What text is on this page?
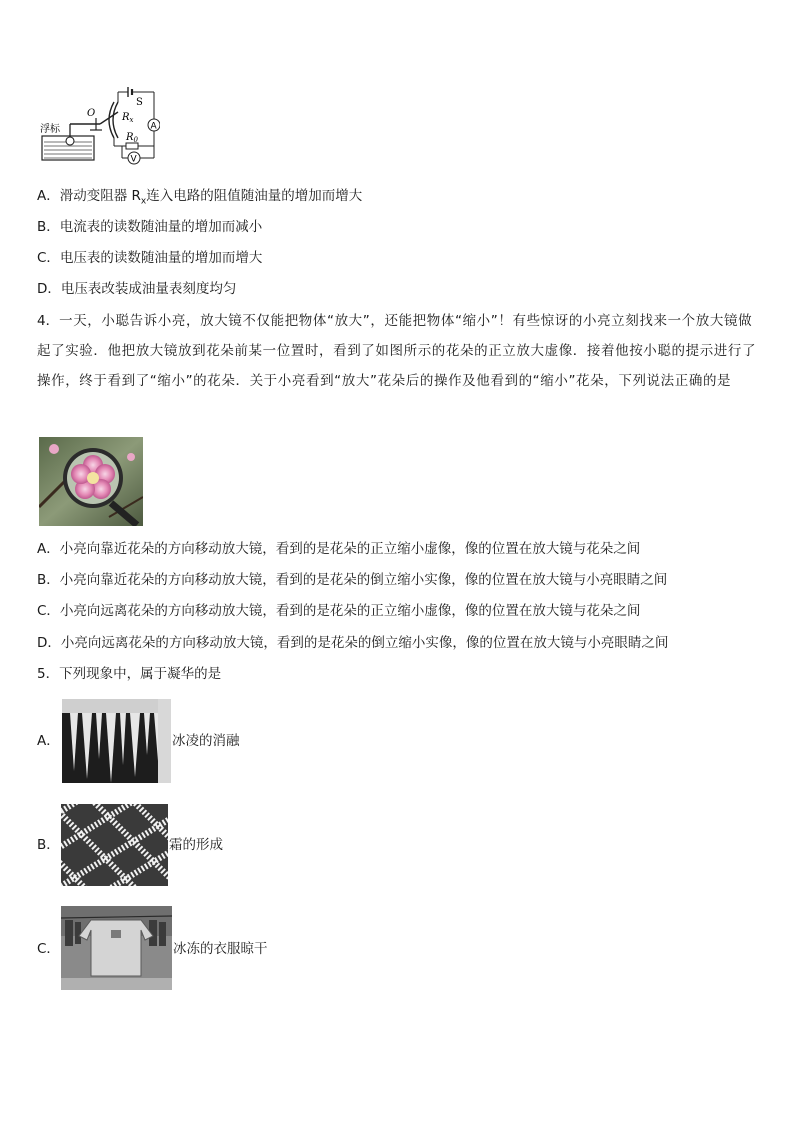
O
浮标
S
A
$R_x$
$R_0$
V
A．滑动变阻器 $R_x$连入电路的阻值随油量的增加而增大
B．电流表的读数随油量的增加而减小
C．电压表的读数随油量的增加而增大
D．电压表改装成油量表刻度均匀
4．一天，小聪告诉小亮，放大镜不仅能把物体“放大”，还能把物体“缩小”！有些惊讶的小亮立刻找来一个放大镜做起了实验．他把放大镜放到花朵前某一位置时，看到了如图所示的花朵的正立放大虚像．接着他按小聪的提示进行了操作，终于看到了“缩小”的花朵．关于小亮看到“放大”花朵后的操作及他看到的“缩小”花朵，下列说法正确的是
A．小亮向靠近花朵的方向移动放大镜，看到的是花朵的正立缩小虚像，像的位置在放大镜与花朵之间
B．小亮向靠近花朵的方向移动放大镜，看到的是花朵的倒立缩小实像，像的位置在放大镜与小亮眼睛之间
C．小亮向远离花朵的方向移动放大镜，看到的是花朵的正立缩小虚像，像的位置在放大镜与花朵之间
D．小亮向远离花朵的方向移动放大镜，看到的是花朵的倒立缩小实像，像的位置在放大镜与小亮眼睛之间
5．下列现象中，属于凝华的是
A．	冰凌的消融
B．	霜的形成
C．	冰冻的衣服晾干
